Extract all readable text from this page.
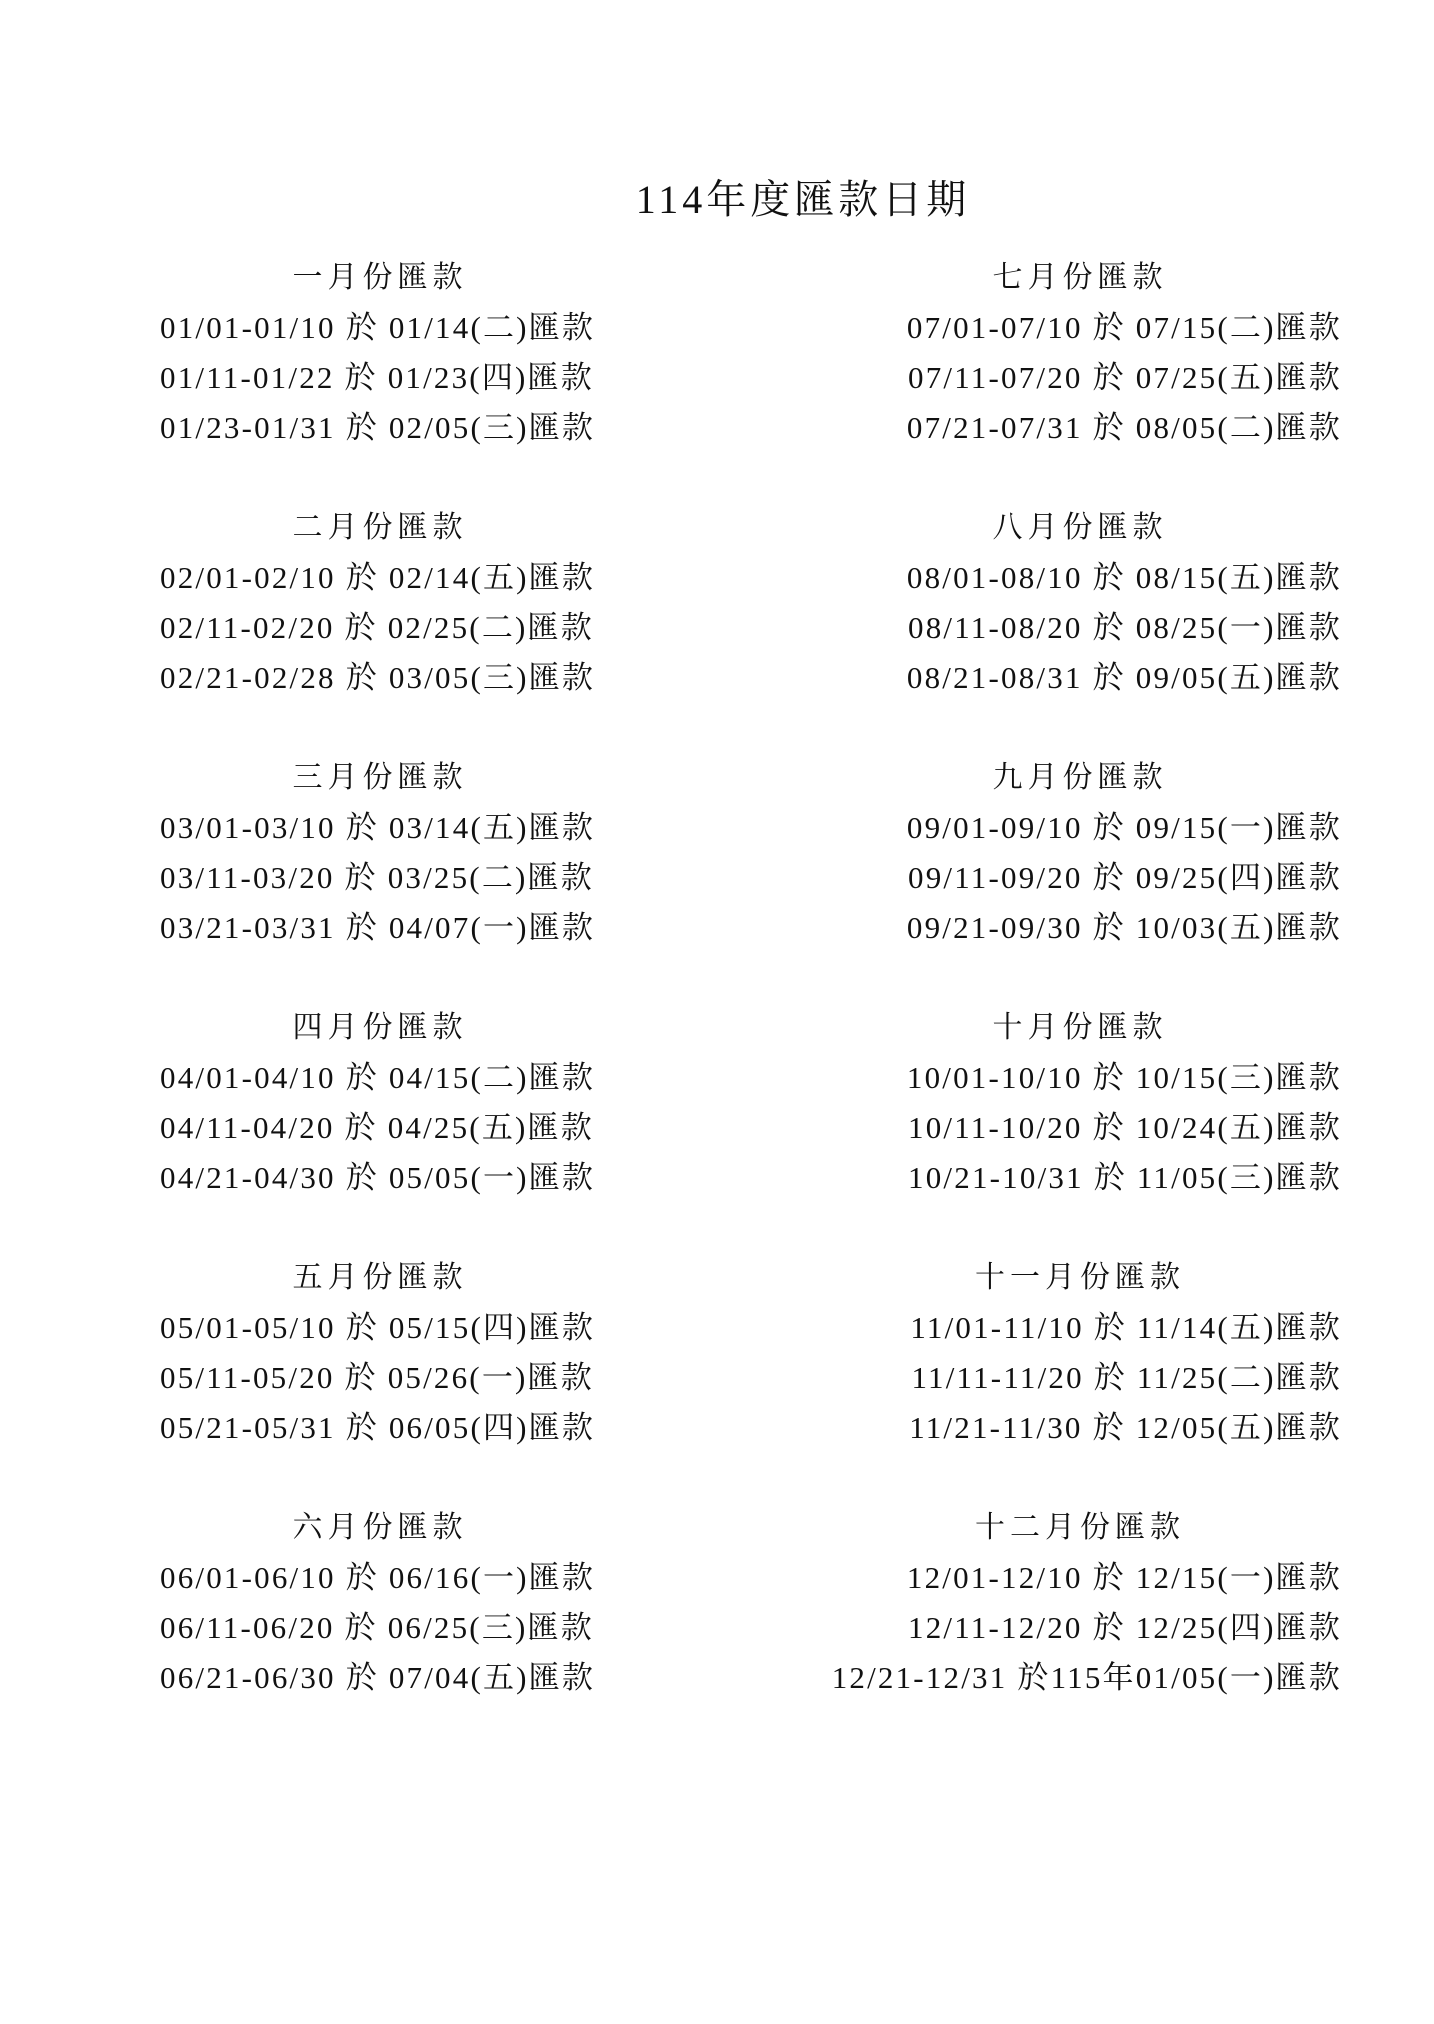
114年度匯款日期
一月份匯款
01/01-01/10 於 01/14(二)匯款
01/11-01/22 於 01/23(四)匯款
01/23-01/31 於 02/05(三)匯款
二月份匯款
02/01-02/10 於 02/14(五)匯款
02/11-02/20 於 02/25(二)匯款
02/21-02/28 於 03/05(三)匯款
三月份匯款
03/01-03/10 於 03/14(五)匯款
03/11-03/20 於 03/25(二)匯款
03/21-03/31 於 04/07(一)匯款
四月份匯款
04/01-04/10 於 04/15(二)匯款
04/11-04/20 於 04/25(五)匯款
04/21-04/30 於 05/05(一)匯款
五月份匯款
05/01-05/10 於 05/15(四)匯款
05/11-05/20 於 05/26(一)匯款
05/21-05/31 於 06/05(四)匯款
六月份匯款
06/01-06/10 於 06/16(一)匯款
06/11-06/20 於 06/25(三)匯款
06/21-06/30 於 07/04(五)匯款
七月份匯款
07/01-07/10 於 07/15(二)匯款
07/11-07/20 於 07/25(五)匯款
07/21-07/31 於 08/05(二)匯款
八月份匯款
08/01-08/10 於 08/15(五)匯款
08/11-08/20 於 08/25(一)匯款
08/21-08/31 於 09/05(五)匯款
九月份匯款
09/01-09/10 於 09/15(一)匯款
09/11-09/20 於 09/25(四)匯款
09/21-09/30 於 10/03(五)匯款
十月份匯款
10/01-10/10 於 10/15(三)匯款
10/11-10/20 於 10/24(五)匯款
10/21-10/31 於 11/05(三)匯款
十一月份匯款
11/01-11/10 於 11/14(五)匯款
11/11-11/20 於 11/25(二)匯款
11/21-11/30 於 12/05(五)匯款
十二月份匯款
12/01-12/10 於 12/15(一)匯款
12/11-12/20 於 12/25(四)匯款
12/21-12/31 於115年01/05(一)匯款
